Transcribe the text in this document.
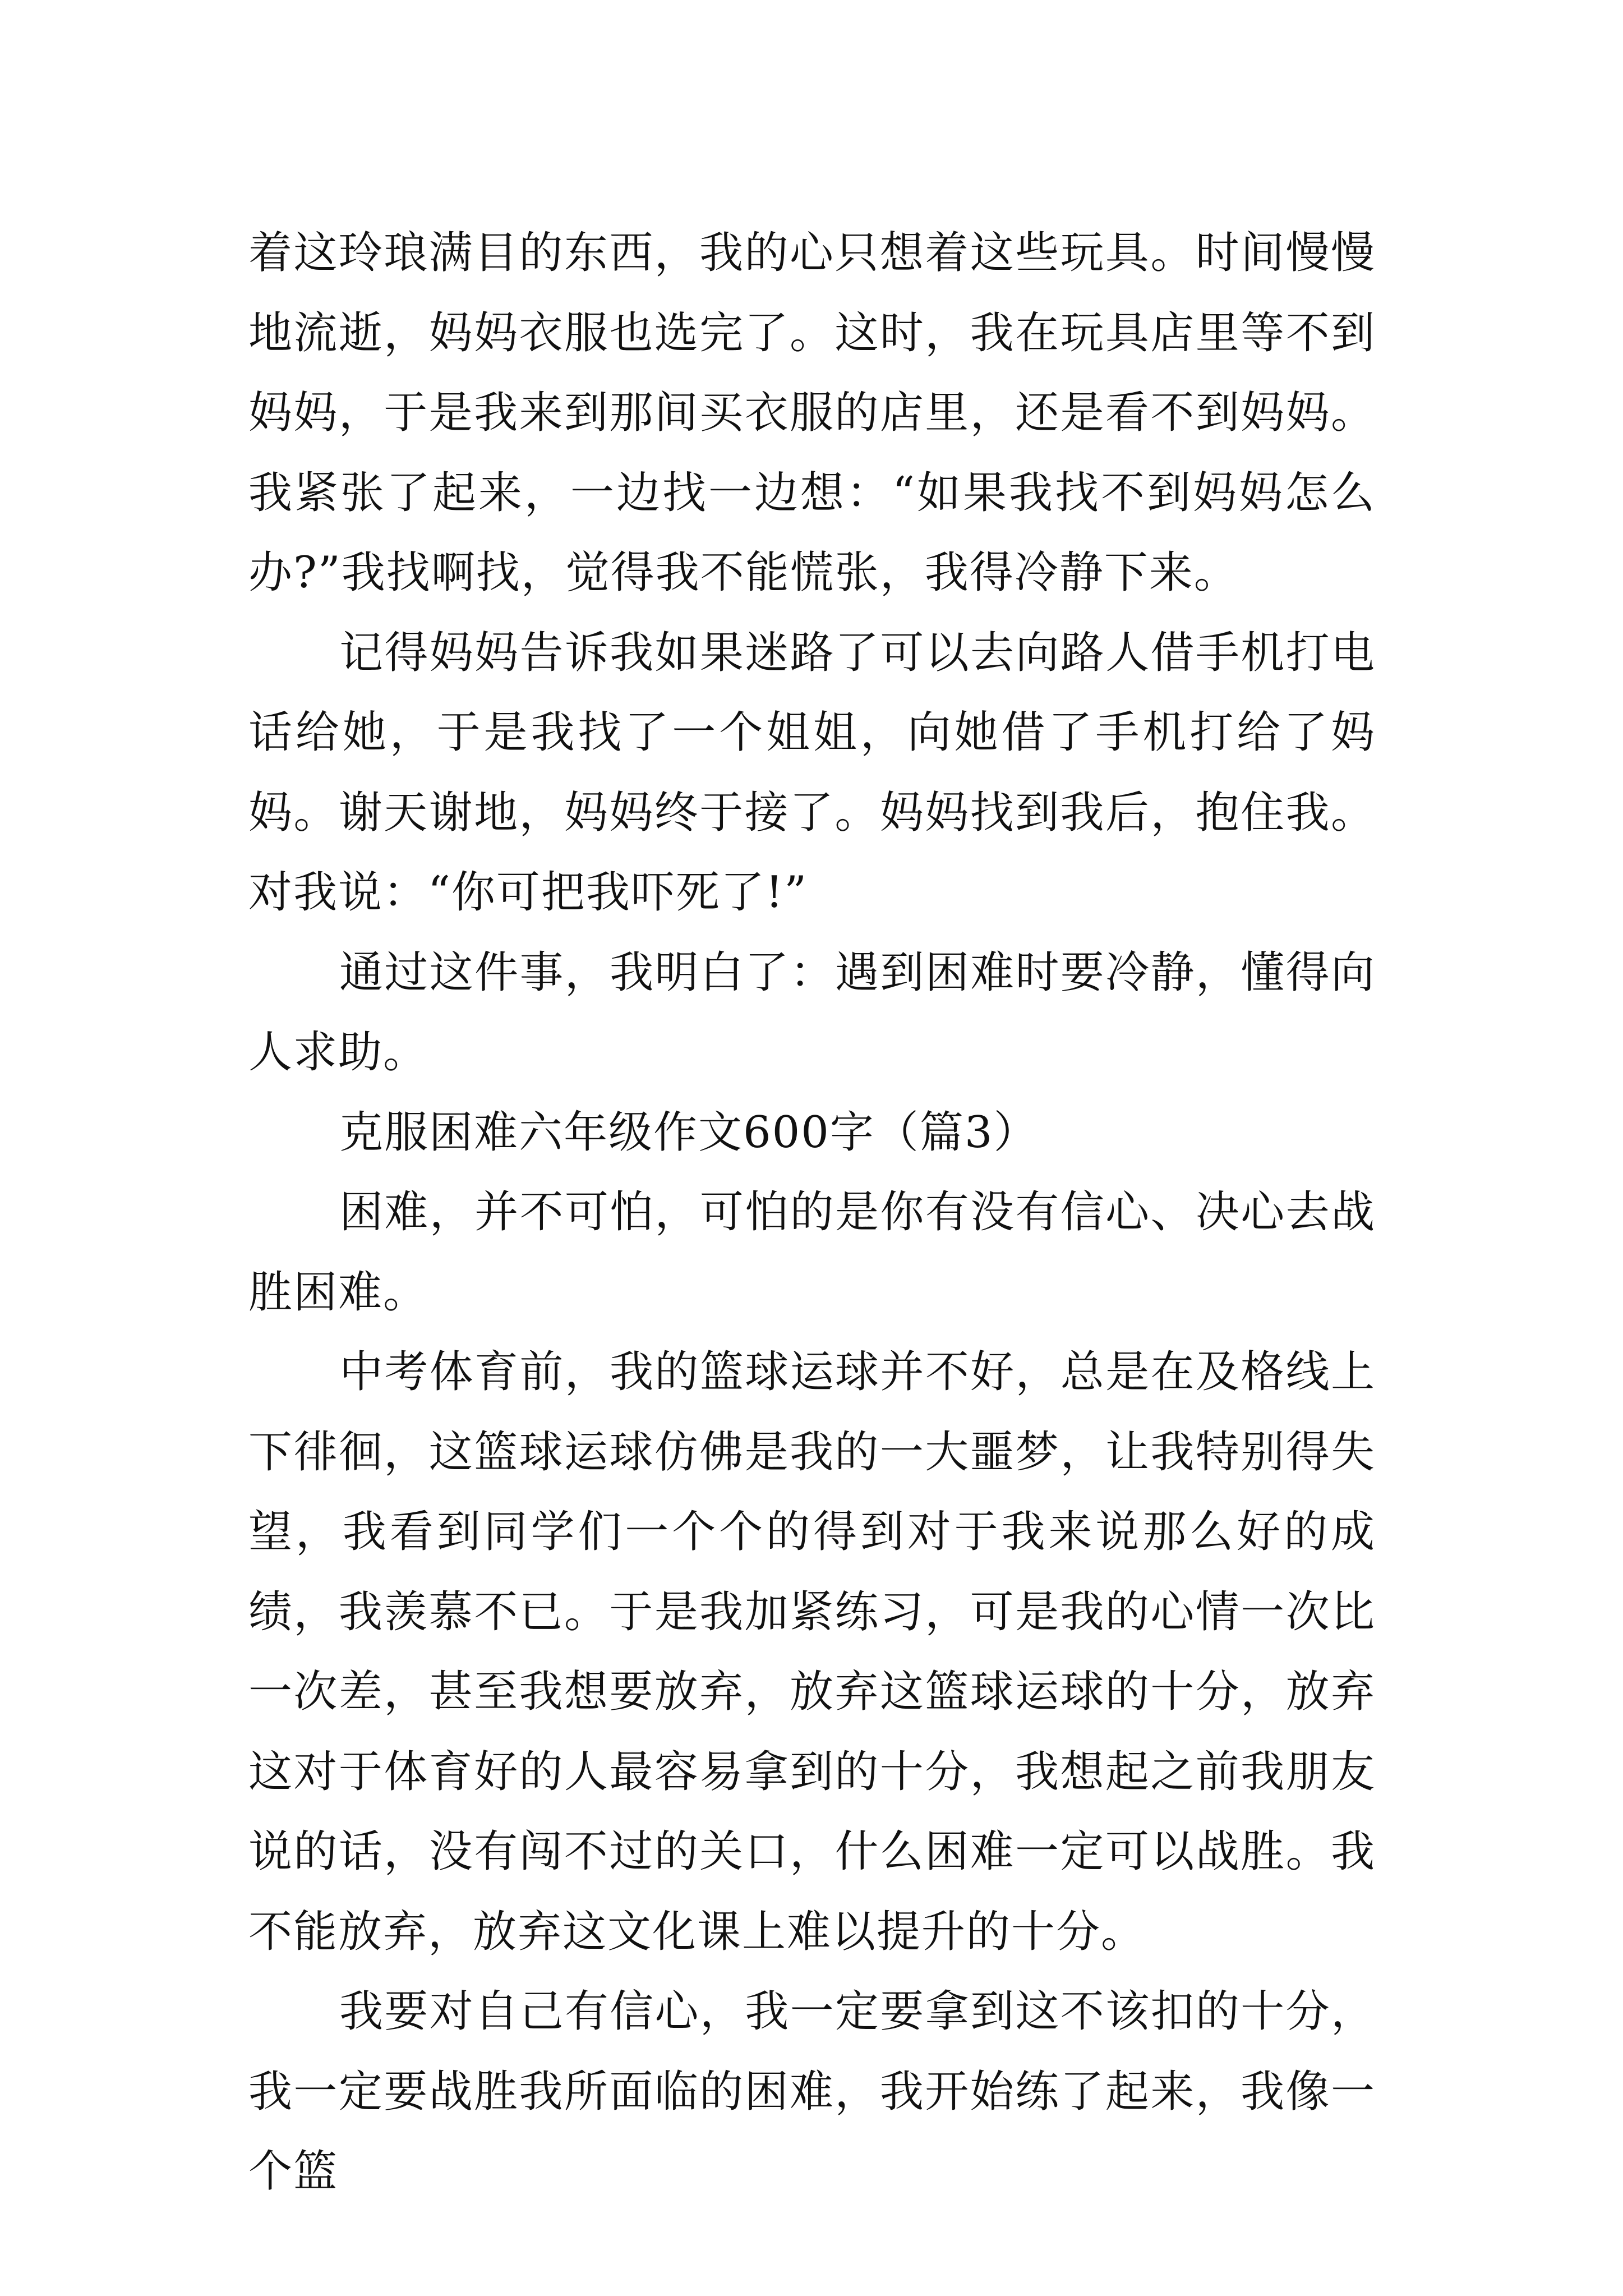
着这玲琅满目的东西，我的心只想着这些玩具。时间慢慢地流逝，妈妈衣服也选完了。这时，我在玩具店里等不到妈妈，于是我来到那间买衣服的店里，还是看不到妈妈。我紧张了起来，一边找一边想：“如果我找不到妈妈怎么办?”我找啊找，觉得我不能慌张，我得冷静下来。

记得妈妈告诉我如果迷路了可以去向路人借手机打电话给她，于是我找了一个姐姐，向她借了手机打给了妈妈。谢天谢地，妈妈终于接了。妈妈找到我后，抱住我。对我说：“你可把我吓死了!”

通过这件事，我明白了：遇到困难时要冷静，懂得向人求助。

克服困难六年级作文600字（篇3）

困难，并不可怕，可怕的是你有没有信心、决心去战胜困难。

中考体育前，我的篮球运球并不好，总是在及格线上下徘徊，这篮球运球仿佛是我的一大噩梦，让我特别得失望，我看到同学们一个个的得到对于我来说那么好的成绩，我羡慕不已。于是我加紧练习，可是我的心情一次比一次差，甚至我想要放弃，放弃这篮球运球的十分，放弃这对于体育好的人最容易拿到的十分，我想起之前我朋友说的话，没有闯不过的关口，什么困难一定可以战胜。我不能放弃，放弃这文化课上难以提升的十分。

我要对自己有信心，我一定要拿到这不该扣的十分，我一定要战胜我所面临的困难，我开始练了起来，我像一个篮
